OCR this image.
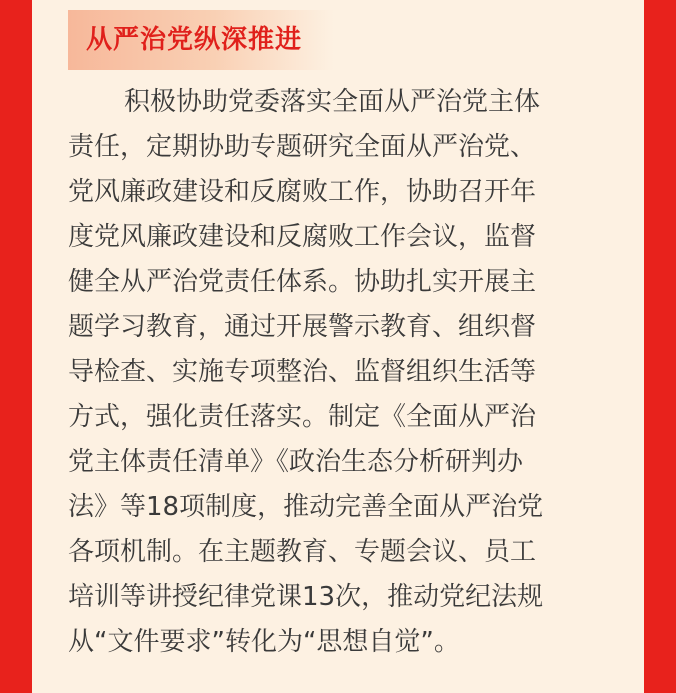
从严治党纵深推进
积极协助党委落实全面从严治党主体
责任，定期协助专题研究全面从严治党、
党风廉政建设和反腐败工作，协助召开年
度党风廉政建设和反腐败工作会议，监督
健全从严治党责任体系。协助扎实开展主
题学习教育，通过开展警示教育、组织督
导检查、实施专项整治、监督组织生活等
方式，强化责任落实。制定《全面从严治
党主体责任清单》《政治生态分析研判办
法》等18项制度，推动完善全面从严治党
各项机制。在主题教育、专题会议、员工
培训等讲授纪律党课13次，推动党纪法规
从“文件要求”转化为“思想自觉”。
